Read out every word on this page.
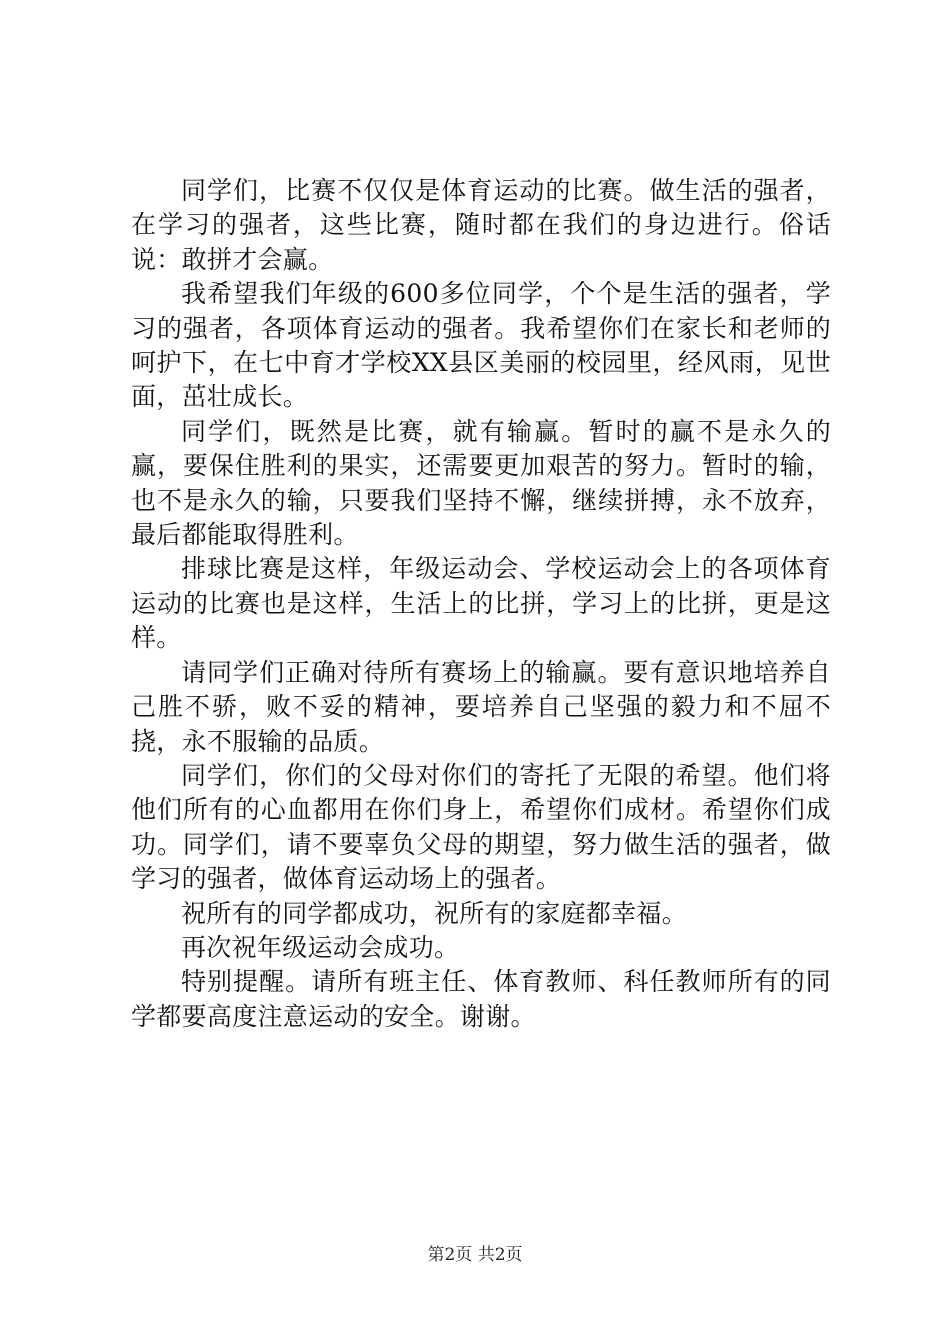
同学们，比赛不仅仅是体育运动的比赛。做生活的强者，在学习的强者，这些比赛，随时都在我们的身边进行。俗话说：敢拼才会赢。

我希望我们年级的600多位同学，个个是生活的强者，学习的强者，各项体育运动的强者。我希望你们在家长和老师的呵护下，在七中育才学校XX县区美丽的校园里，经风雨，见世面，茁壮成长。

同学们，既然是比赛，就有输赢。暂时的赢不是永久的赢，要保住胜利的果实，还需要更加艰苦的努力。暂时的输，也不是永久的输，只要我们坚持不懈，继续拼搏，永不放弃，最后都能取得胜利。

排球比赛是这样，年级运动会、学校运动会上的各项体育运动的比赛也是这样，生活上的比拼，学习上的比拼，更是这样。

请同学们正确对待所有赛场上的输赢。要有意识地培养自己胜不骄，败不妥的精神，要培养自己坚强的毅力和不屈不挠，永不服输的品质。

同学们，你们的父母对你们的寄托了无限的希望。他们将他们所有的心血都用在你们身上，希望你们成材。希望你们成功。同学们，请不要辜负父母的期望，努力做生活的强者，做学习的强者，做体育运动场上的强者。

祝所有的同学都成功，祝所有的家庭都幸福。

再次祝年级运动会成功。

特别提醒。请所有班主任、体育教师、科任教师所有的同学都要高度注意运动的安全。谢谢。

第2页 共2页
